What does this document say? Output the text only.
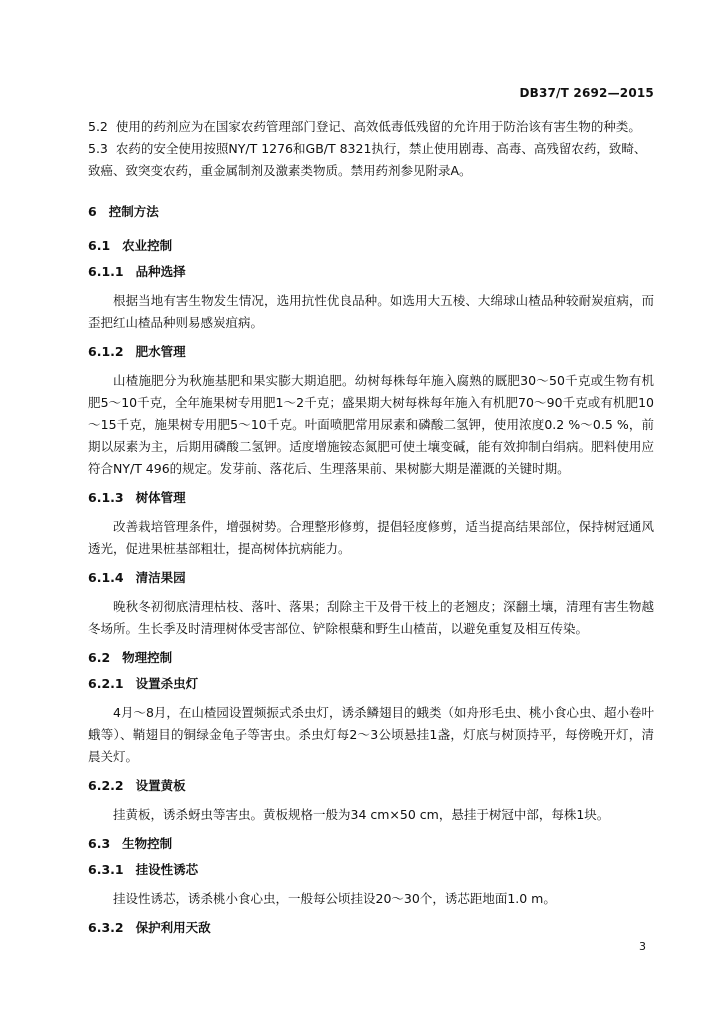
DB37/T 2692—2015

5.2 使用的药剂应为在国家农药管理部门登记、高效低毒低残留的允许用于防治该有害生物的种类。

5.3 农药的安全使用按照NY/T 1276和GB/T 8321执行，禁止使用剧毒、高毒、高残留农药，致畸、致癌、致突变农药，重金属制剂及激素类物质。禁用药剂参见附录A。

6 控制方法

6.1 农业控制

6.1.1 品种选择

根据当地有害生物发生情况，选用抗性优良品种。如选用大五棱、大绵球山楂品种较耐炭疽病，而歪把红山楂品种则易感炭疽病。

6.1.2 肥水管理

山楂施肥分为秋施基肥和果实膨大期追肥。幼树每株每年施入腐熟的厩肥30～50千克或生物有机肥5～10千克，全年施果树专用肥1～2千克；盛果期大树每株每年施入有机肥70～90千克或有机肥10～15千克，施果树专用肥5～10千克。叶面喷肥常用尿素和磷酸二氢钾，使用浓度0.2 %～0.5 %，前期以尿素为主，后期用磷酸二氢钾。适度增施铵态氮肥可使土壤变碱，能有效抑制白绢病。肥料使用应符合NY/T 496的规定。发芽前、落花后、生理落果前、果树膨大期是灌溉的关键时期。

6.1.3 树体管理

改善栽培管理条件，增强树势。合理整形修剪，提倡轻度修剪，适当提高结果部位，保持树冠通风透光，促进果桩基部粗壮，提高树体抗病能力。

6.1.4 清洁果园

晚秋冬初彻底清理枯枝、落叶、落果；刮除主干及骨干枝上的老翘皮；深翻土壤，清理有害生物越冬场所。生长季及时清理树体受害部位、铲除根蘖和野生山楂苗，以避免重复及相互传染。

6.2 物理控制

6.2.1 设置杀虫灯

4月～8月，在山楂园设置频振式杀虫灯，诱杀鳞翅目的蛾类（如舟形毛虫、桃小食心虫、超小卷叶蛾等）、鞘翅目的铜绿金龟子等害虫。杀虫灯每2～3公顷悬挂1盏，灯底与树顶持平，每傍晚开灯，清晨关灯。

6.2.2 设置黄板

挂黄板，诱杀蚜虫等害虫。黄板规格一般为34 cm×50 cm，悬挂于树冠中部，每株1块。

6.3 生物控制

6.3.1 挂设性诱芯

挂设性诱芯，诱杀桃小食心虫，一般每公顷挂设20～30个，诱芯距地面1.0 m。

6.3.2 保护利用天敌

3
